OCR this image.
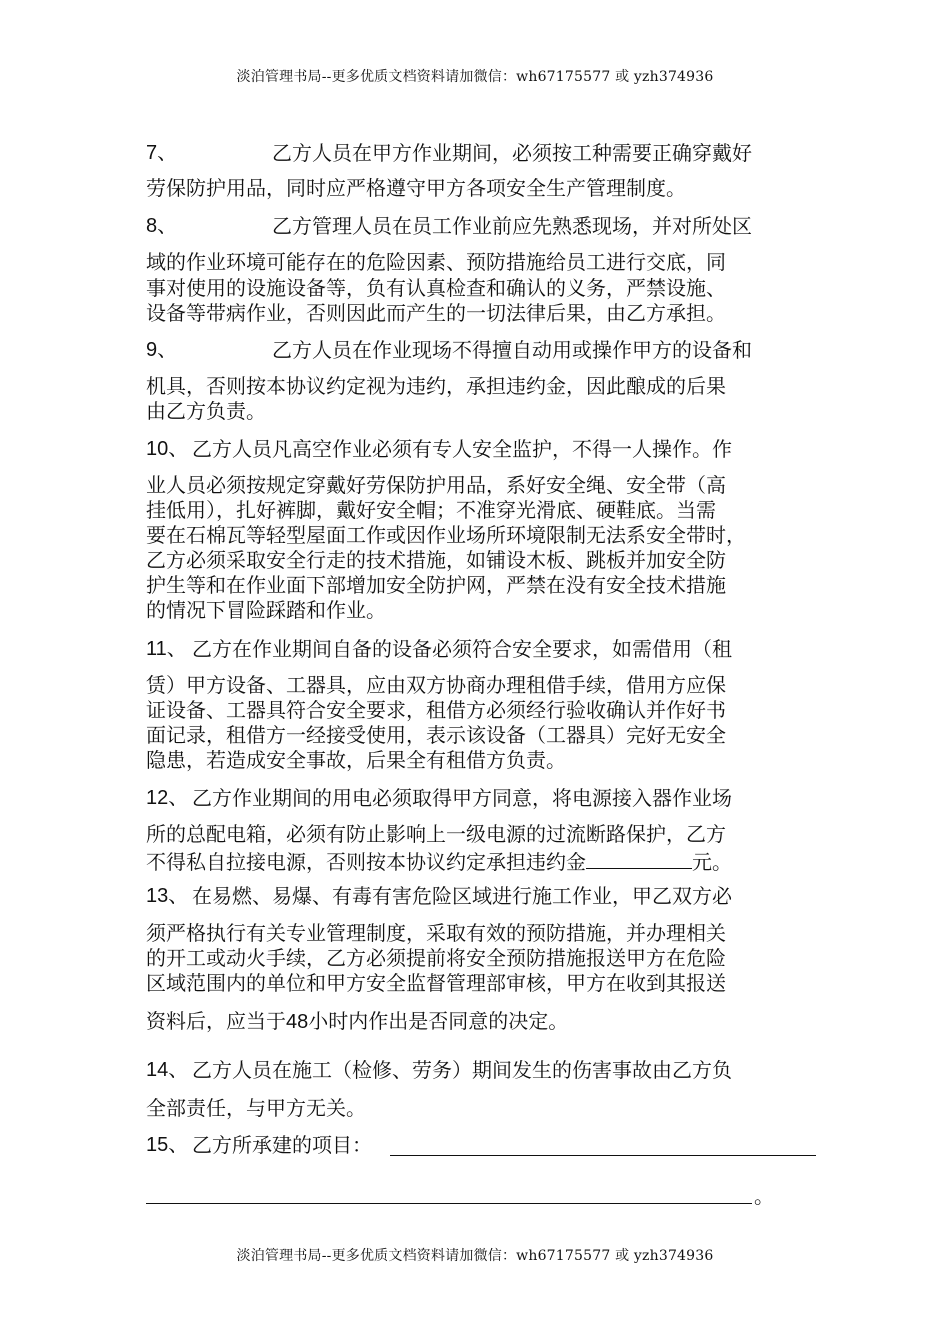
淡泊管理书局--更多优质文档资料请加微信：wh67175577 或 yzh374936
7、	乙方人员在甲方作业期间，必须按工种需要正确穿戴好
劳保防护用品，同时应严格遵守甲方各项安全生产管理制度。
8、	乙方管理人员在员工作业前应先熟悉现场，并对所处区
域的作业环境可能存在的危险因素、预防措施给员工进行交底，同
事对使用的设施设备等，负有认真检查和确认的义务，严禁设施、
设备等带病作业，否则因此而产生的一切法律后果，由乙方承担。
9、	乙方人员在作业现场不得擅自动用或操作甲方的设备和
机具，否则按本协议约定视为违约，承担违约金，因此酿成的后果
由乙方负责。
10、 乙方人员凡高空作业必须有专人安全监护，不得一人操作。作
业人员必须按规定穿戴好劳保防护用品，系好安全绳、安全带（高
挂低用），扎好裤脚，戴好安全帽；不准穿光滑底、硬鞋底。当需
要在石棉瓦等轻型屋面工作或因作业场所环境限制无法系安全带时，
乙方必须采取安全行走的技术措施，如铺设木板、跳板并加安全防
护生等和在作业面下部增加安全防护网，严禁在没有安全技术措施
的情况下冒险踩踏和作业。
11、 乙方在作业期间自备的设备必须符合安全要求，如需借用（租
赁）甲方设备、工器具，应由双方协商办理租借手续，借用方应保
证设备、工器具符合安全要求，租借方必须经行验收确认并作好书
面记录，租借方一经接受使用，表示该设备（工器具）完好无安全
隐患，若造成安全事故，后果全有租借方负责。
12、 乙方作业期间的用电必须取得甲方同意，将电源接入器作业场
所的总配电箱，必须有防止影响上一级电源的过流断路保护，乙方
不得私自拉接电源，否则按本协议约定承担违约金	元。
13、 在易燃、易爆、有毒有害危险区域进行施工作业，甲乙双方必
须严格执行有关专业管理制度，采取有效的预防措施，并办理相关
的开工或动火手续，乙方必须提前将安全预防措施报送甲方在危险
区域范围内的单位和甲方安全监督管理部审核，甲方在收到其报送
资料后，应当于48小时内作出是否同意的决定。
14、 乙方人员在施工（检修、劳务）期间发生的伤害事故由乙方负
全部责任，与甲方无关。
15、 乙方所承建的项目：
。
淡泊管理书局--更多优质文档资料请加微信：wh67175577 或 yzh374936
